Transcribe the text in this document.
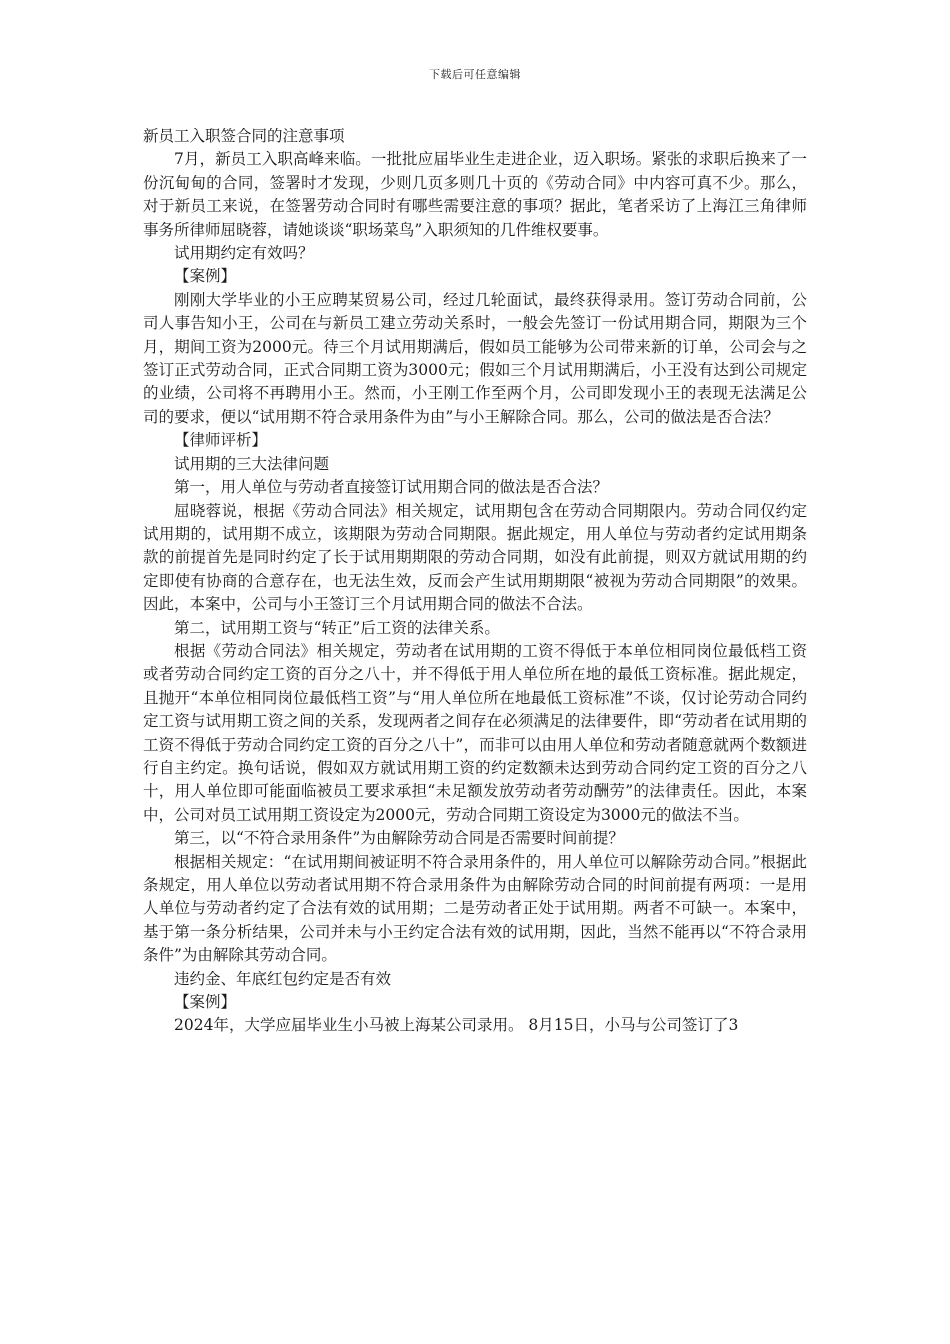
下载后可任意编辑

新员工入职签合同的注意事项

7月，新员工入职高峰来临。一批批应届毕业生走进企业，迈入职场。紧张的求职后换来了一份沉甸甸的合同，签署时才发现，少则几页多则几十页的《劳动合同》中内容可真不少。那么，对于新员工来说，在签署劳动合同时有哪些需要注意的事项？据此，笔者采访了上海江三角律师事务所律师屈晓蓉，请她谈谈“职场菜鸟”入职须知的几件维权要事。

试用期约定有效吗？

【案例】

刚刚大学毕业的小王应聘某贸易公司，经过几轮面试，最终获得录用。签订劳动合同前，公司人事告知小王，公司在与新员工建立劳动关系时，一般会先签订一份试用期合同，期限为三个月，期间工资为2000元。待三个月试用期满后，假如员工能够为公司带来新的订单，公司会与之签订正式劳动合同，正式合同期工资为3000元；假如三个月试用期满后，小王没有达到公司规定的业绩，公司将不再聘用小王。然而，小王刚工作至两个月，公司即发现小王的表现无法满足公司的要求，便以“试用期不符合录用条件为由”与小王解除合同。那么，公司的做法是否合法？

【律师评析】

试用期的三大法律问题

第一，用人单位与劳动者直接签订试用期合同的做法是否合法？

屈晓蓉说，根据《劳动合同法》相关规定，试用期包含在劳动合同期限内。劳动合同仅约定试用期的，试用期不成立，该期限为劳动合同期限。据此规定，用人单位与劳动者约定试用期条款的前提首先是同时约定了长于试用期期限的劳动合同期，如没有此前提，则双方就试用期的约定即使有协商的合意存在，也无法生效，反而会产生试用期期限“被视为劳动合同期限”的效果。因此，本案中，公司与小王签订三个月试用期合同的做法不合法。

第二，试用期工资与“转正”后工资的法律关系。

根据《劳动合同法》相关规定，劳动者在试用期的工资不得低于本单位相同岗位最低档工资或者劳动合同约定工资的百分之八十，并不得低于用人单位所在地的最低工资标准。据此规定，且抛开“本单位相同岗位最低档工资”与“用人单位所在地最低工资标准”不谈，仅讨论劳动合同约定工资与试用期工资之间的关系，发现两者之间存在必须满足的法律要件，即“劳动者在试用期的工资不得低于劳动合同约定工资的百分之八十”，而非可以由用人单位和劳动者随意就两个数额进行自主约定。换句话说，假如双方就试用期工资的约定数额未达到劳动合同约定工资的百分之八十，用人单位即可能面临被员工要求承担“未足额发放劳动者劳动酬劳”的法律责任。因此，本案中，公司对员工试用期工资设定为2000元，劳动合同期工资设定为3000元的做法不当。

第三，以“不符合录用条件”为由解除劳动合同是否需要时间前提？

根据相关规定：“在试用期间被证明不符合录用条件的，用人单位可以解除劳动合同。”根据此条规定，用人单位以劳动者试用期不符合录用条件为由解除劳动合同的时间前提有两项：一是用人单位与劳动者约定了合法有效的试用期；二是劳动者正处于试用期。两者不可缺一。本案中，基于第一条分析结果，公司并未与小王约定合法有效的试用期，因此，当然不能再以“不符合录用条件”为由解除其劳动合同。

违约金、年底红包约定是否有效

【案例】

2024年，大学应届毕业生小马被上海某公司录用。 8月15日，小马与公司签订了3
